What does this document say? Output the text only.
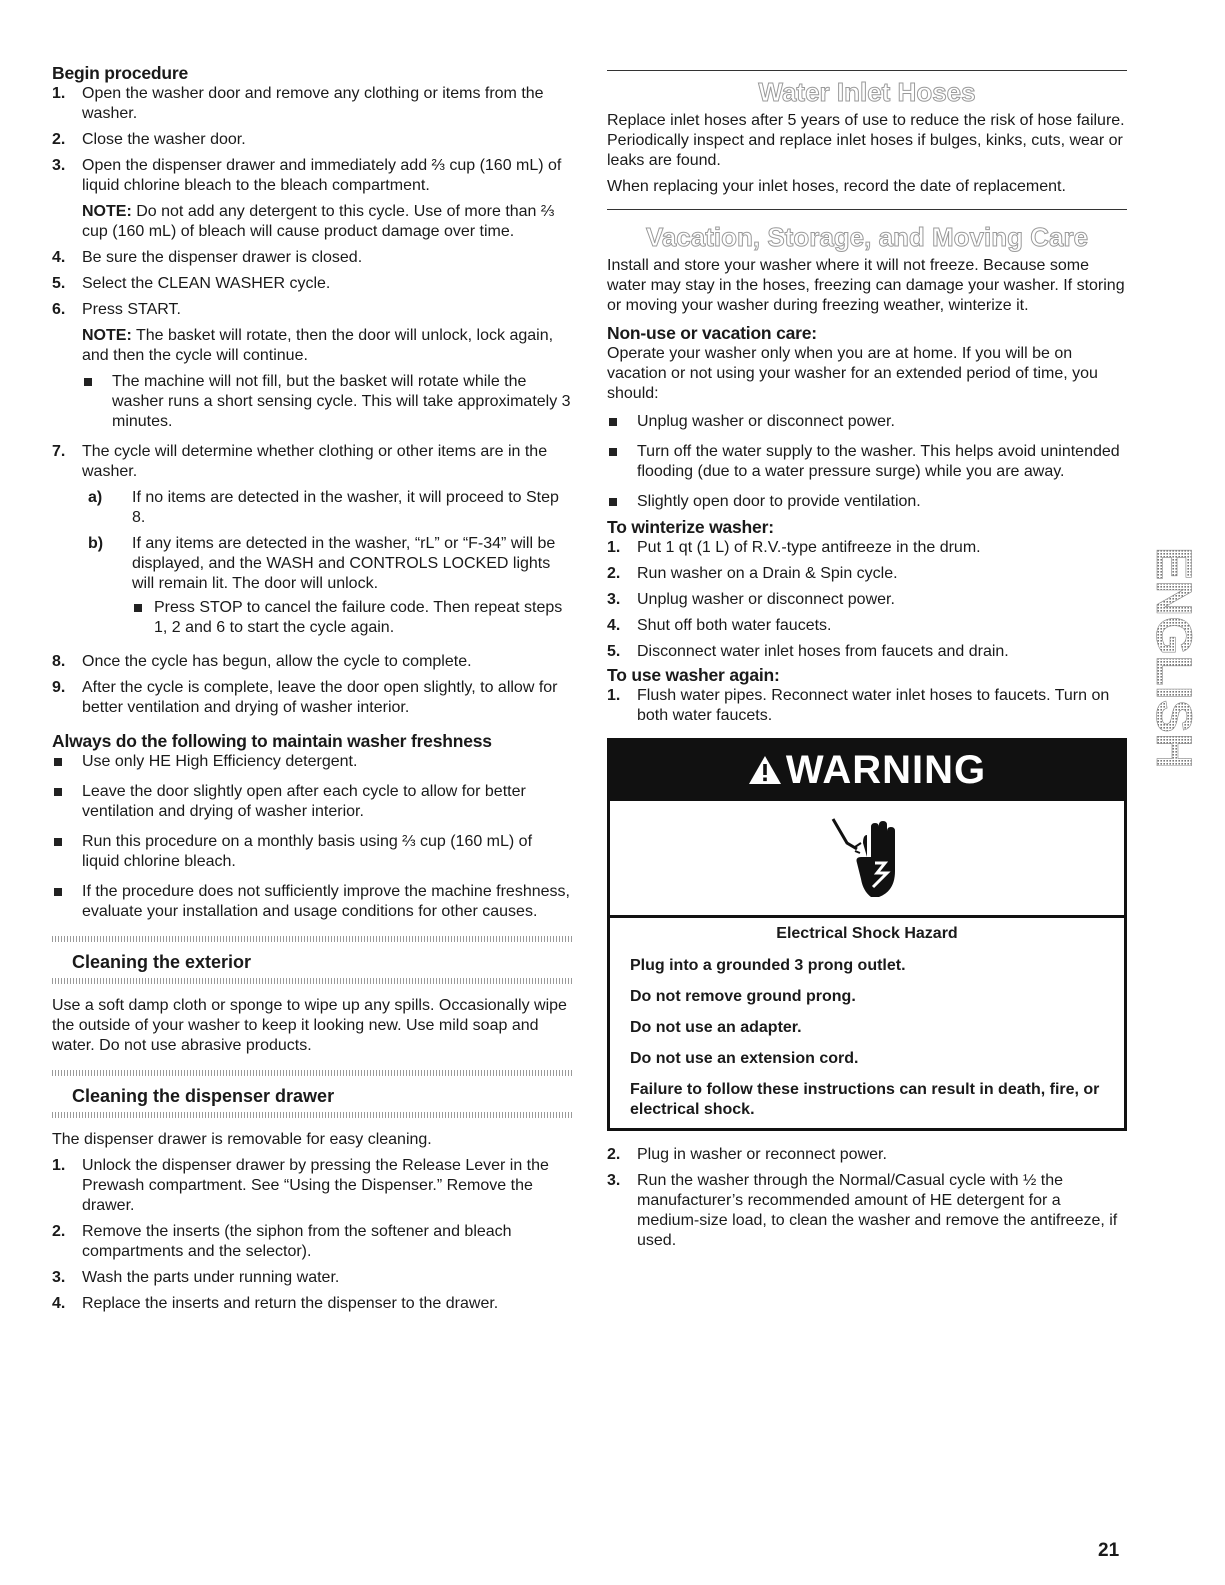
Begin procedure
1.	Open the washer door and remove any clothing or items from the washer.
2.	Close the washer door.
3.	Open the dispenser drawer and immediately add ⅔ cup (160 mL) of liquid chlorine bleach to the bleach compartment.

NOTE: Do not add any detergent to this cycle. Use of more than ⅔ cup (160 mL) of bleach will cause product damage over time.

4.	Be sure the dispenser drawer is closed.
5.	Select the CLEAN WASHER cycle.
6.	Press START.

NOTE: The basket will rotate, then the door will unlock, lock again, and then the cycle will continue.

The machine will not fill, but the basket will rotate while the washer runs a short sensing cycle. This will take approximately 3 minutes.
7.	The cycle will determine whether clothing or other items are in the washer.
a)	If no items are detected in the washer, it will proceed to Step 8.
b)	If any items are detected in the washer, “rL” or “F-34” will be displayed, and the WASH and CONTROLS LOCKED lights will remain lit. The door will unlock.
Press STOP to cancel the failure code. Then repeat steps 1, 2 and 6 to start the cycle again.
8.	Once the cycle has begun, allow the cycle to complete.
9.	After the cycle is complete, leave the door open slightly, to allow for better ventilation and drying of washer interior.
Always do the following to maintain washer freshness
Use only HE High Efficiency detergent.
Leave the door slightly open after each cycle to allow for better ventilation and drying of washer interior.
Run this procedure on a monthly basis using ⅔ cup (160 mL) of liquid chlorine bleach.
If the procedure does not sufficiently improve the machine freshness, evaluate your installation and usage conditions for other causes.
Cleaning the exterior

Use a soft damp cloth or sponge to wipe up any spills. Occasionally wipe the outside of your washer to keep it looking new. Use mild soap and water. Do not use abrasive products.

Cleaning the dispenser drawer

The dispenser drawer is removable for easy cleaning.

1.	Unlock the dispenser drawer by pressing the Release Lever in the Prewash compartment. See “Using the Dispenser.” Remove the drawer.
2.	Remove the inserts (the siphon from the softener and bleach compartments and the selector).
3.	Wash the parts under running water.
4.	Replace the inserts and return the dispenser to the drawer.
Water Inlet Hoses

Replace inlet hoses after 5 years of use to reduce the risk of hose failure. Periodically inspect and replace inlet hoses if bulges, kinks, cuts, wear or leaks are found.

When replacing your inlet hoses, record the date of replacement.

Vacation, Storage, and Moving Care

Install and store your washer where it will not freeze. Because some water may stay in the hoses, freezing can damage your washer. If storing or moving your washer during freezing weather, winterize it.

Non-use or vacation care:

Operate your washer only when you are at home. If you will be on vacation or not using your washer for an extended period of time, you should:

Unplug washer or disconnect power.
Turn off the water supply to the washer. This helps avoid unintended flooding (due to a water pressure surge) while you are away.
Slightly open door to provide ventilation.
To winterize washer:
1.	Put 1 qt (1 L) of R.V.-type antifreeze in the drum.
2.	Run washer on a Drain & Spin cycle.
3.	Unplug washer or disconnect power.
4.	Shut off both water faucets.
5.	Disconnect water inlet hoses from faucets and drain.
To use washer again:
1.	Flush water pipes. Reconnect water inlet hoses to faucets. Turn on both water faucets.
WARNING
Electrical Shock Hazard
Plug into a grounded 3 prong outlet.
Do not remove ground prong.
Do not use an adapter.
Do not use an extension cord.
Failure to follow these instructions can result in death, fire, or electrical shock.
2.	Plug in washer or reconnect power.
3.	Run the washer through the Normal/Casual cycle with ½ the manufacturer’s recommended amount of HE detergent for a medium-size load, to clean the washer and remove the antifreeze, if used.
ENGLISH
21
